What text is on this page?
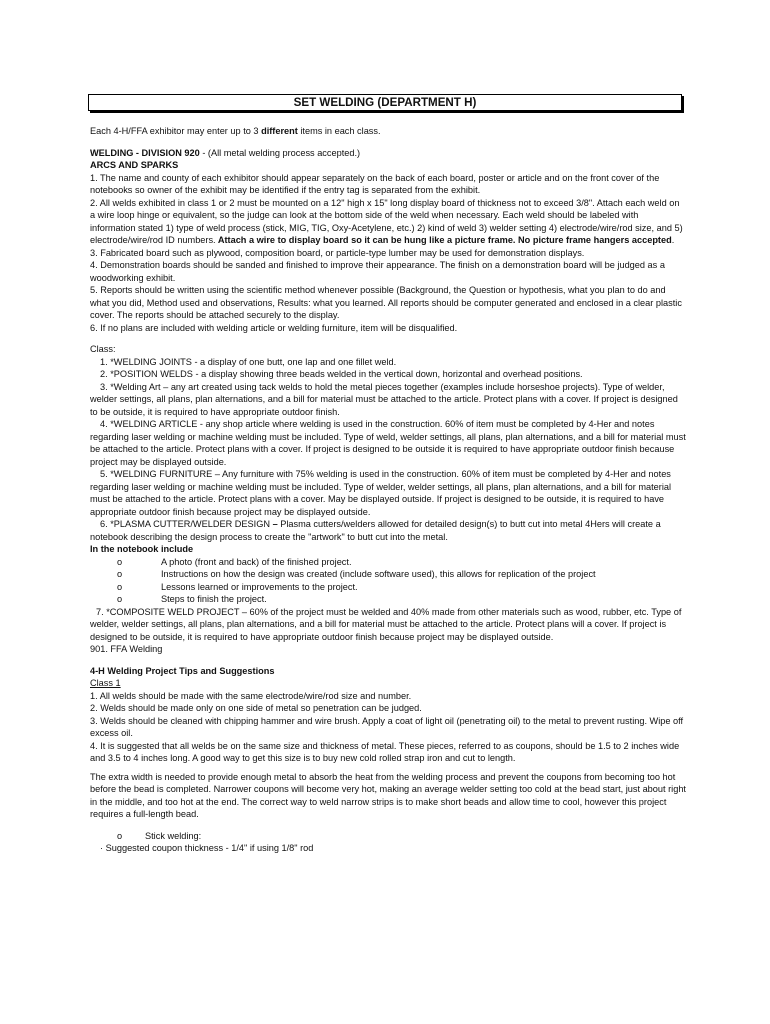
SET WELDING (DEPARTMENT H)

Each 4-H/FFA exhibitor may enter up to 3 different items in each class.

WELDING - DIVISION 920 - (All metal welding process accepted.)

ARCS AND SPARKS

1. The name and county of each exhibitor should appear separately on the back of each board, poster or article and on the front cover of the notebooks so owner of the exhibit may be identified if the entry tag is separated from the exhibit.

2. All welds exhibited in class 1 or 2 must be mounted on a 12" high x 15" long display board of thickness not to exceed 3/8". Attach each weld on a wire loop hinge or equivalent, so the judge can look at the bottom side of the weld when necessary. Each weld should be labeled with information stated 1) type of weld process (stick, MIG, TIG, Oxy-Acetylene, etc.) 2) kind of weld 3) welder setting 4) electrode/wire/rod size, and 5) electrode/wire/rod ID numbers. Attach a wire to display board so it can be hung like a picture frame. No picture frame hangers accepted.

3. Fabricated board such as plywood, composition board, or particle-type lumber may be used for demonstration displays.

4. Demonstration boards should be sanded and finished to improve their appearance. The finish on a demonstration board will be judged as a woodworking exhibit.

5. Reports should be written using the scientific method whenever possible (Background, the Question or hypothesis, what you plan to do and what you did, Method used and observations, Results: what you learned. All reports should be computer generated and enclosed in a clear plastic cover. The reports should be attached securely to the display.

6. If no plans are included with welding article or welding furniture, item will be disqualified.

Class:

1. *WELDING JOINTS - a display of one butt, one lap and one fillet weld.

2. *POSITION WELDS - a display showing three beads welded in the vertical down, horizontal and overhead positions.

3. *Welding Art – any art created using tack welds to hold the metal pieces together (examples include horseshoe projects). Type of welder, welder settings, all plans, plan alternations, and a bill for material must be attached to the article. Protect plans with a cover. If project is designed to be outside, it is required to have appropriate outdoor finish.

4. *WELDING ARTICLE - any shop article where welding is used in the construction. 60% of item must be completed by 4-Her and notes regarding laser welding or machine welding must be included. Type of weld, welder settings, all plans, plan alternations, and a bill for material must be attached to the article. Protect plans with a cover. If project is designed to be outside it is required to have appropriate outdoor finish because project may be displayed outside.

5. *WELDING FURNITURE – Any furniture with 75% welding is used in the construction. 60% of item must be completed by 4-Her and notes regarding laser welding or machine welding must be included. Type of welder, welder settings, all plans, plan alternations, and a bill for material must be attached to the article. Protect plans with a cover. May be displayed outside. If project is designed to be outside, it is required to have appropriate outdoor finish because project may be displayed outside.

6. *PLASMA CUTTER/WELDER DESIGN – Plasma cutters/welders allowed for detailed design(s) to butt cut into metal 4Hers will create a notebook describing the design process to create the "artwork" to butt cut into the metal.

In the notebook include

o	A photo (front and back) of the finished project.
o	Instructions on how the design was created (include software used), this allows for replication of the project
o	Lessons learned or improvements to the project.
o	Steps to finish the project.

7. *COMPOSITE WELD PROJECT – 60% of the project must be welded and 40% made from other materials such as wood, rubber, etc. Type of welder, welder settings, all plans, plan alternations, and a bill for material must be attached to the article. Protect plans will a cover. If project is designed to be outside, it is required to have appropriate outdoor finish because project may be displayed outside.

901. FFA Welding

4-H Welding Project Tips and Suggestions

Class 1

1. All welds should be made with the same electrode/wire/rod size and number.

2. Welds should be made only on one side of metal so penetration can be judged.

3. Welds should be cleaned with chipping hammer and wire brush. Apply a coat of light oil (penetrating oil) to the metal to prevent rusting. Wipe off excess oil.

4. It is suggested that all welds be on the same size and thickness of metal. These pieces, referred to as coupons, should be 1.5 to 2 inches wide and 3.5 to 4 inches long. A good way to get this size is to buy new cold rolled strap iron and cut to length.

The extra width is needed to provide enough metal to absorb the heat from the welding process and prevent the coupons from becoming too hot before the bead is completed. Narrower coupons will become very hot, making an average welder setting too cold at the bead start, just about right in the middle, and too hot at the end. The correct way to weld narrow strips is to make short beads and allow time to cool, however this project requires a full-length bead.

o	Stick welding:

· Suggested coupon thickness - 1/4" if using 1/8" rod
